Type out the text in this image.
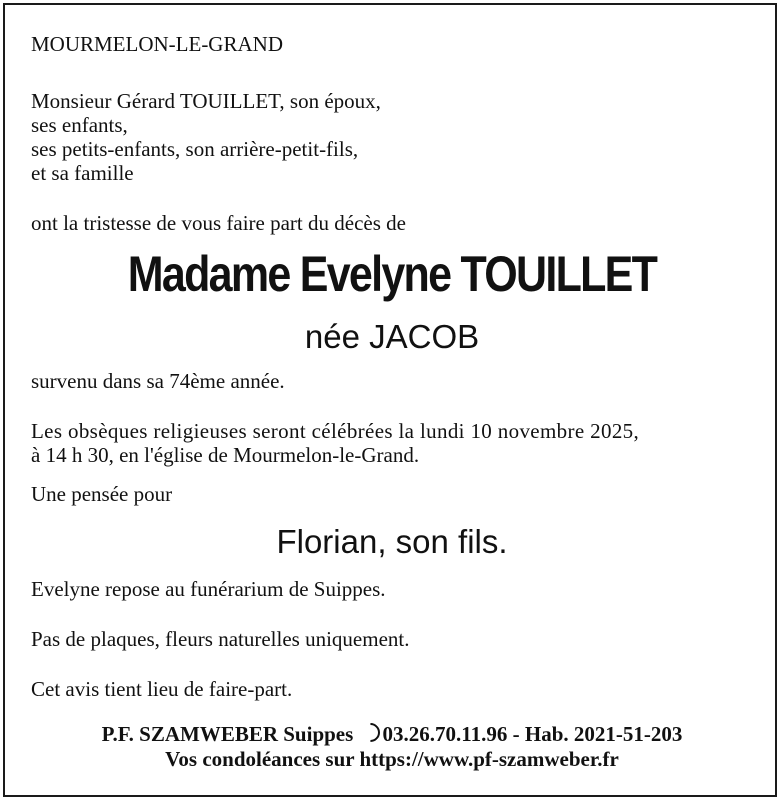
MOURMELON-LE-GRAND

Monsieur Gérard TOUILLET, son époux,

ses enfants,

ses petits-enfants, son arrière-petit-fils,

et sa famille

ont la tristesse de vous faire part du décès de

Madame Evelyne TOUILLET

née JACOB

survenu dans sa 74ème année.

Les obsèques religieuses seront célébrées la lundi 10 novembre 2025,

à 14 h 30, en l'église de Mourmelon-le-Grand.

Une pensée pour

Florian, son fils.

Evelyne repose au funérarium de Suippes.

Pas de plaques, fleurs naturelles uniquement.

Cet avis tient lieu de faire-part.

P.F. SZAMWEBER Suippes 03.26.70.11.96 - Hab. 2021-51-203

Vos condoléances sur https://www.pf-szamweber.fr
